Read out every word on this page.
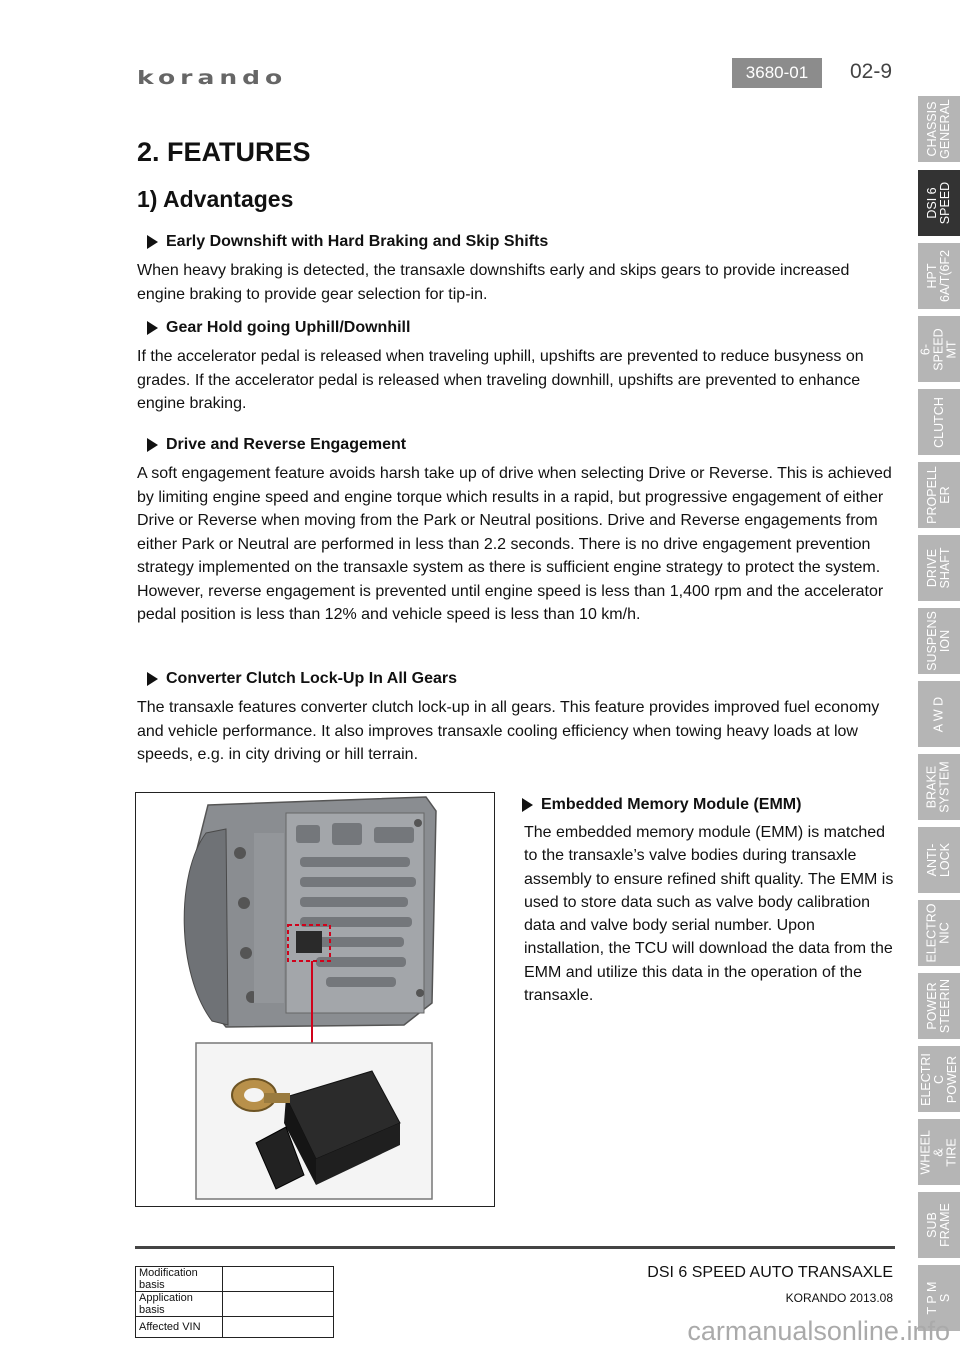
korando	3680-01	02-9
2. FEATURES
1) Advantages
Early Downshift with Hard Braking and Skip Shifts
When heavy braking is detected, the transaxle downshifts early and skips gears to provide increased engine braking to provide gear selection for tip-in.
Gear Hold going Uphill/Downhill
If the accelerator pedal is released when traveling uphill, upshifts are prevented to reduce busyness on grades. If the accelerator pedal is released when traveling downhill, upshifts are prevented to enhance engine braking.
Drive and Reverse Engagement
A soft engagement feature avoids harsh take up of drive when selecting Drive or Reverse. This is achieved by limiting engine speed and engine torque which results in a rapid, but progressive engagement of either Drive or Reverse when moving from the Park or Neutral positions. Drive and Reverse engagements from either Park or Neutral are performed in less than 2.2 seconds. There is no drive engagement prevention strategy implemented on the transaxle system as there is sufficient engine strategy to protect the system. However, reverse engagement is prevented until engine speed is less than 1,400 rpm and the accelerator pedal position is less than 12% and vehicle speed is less than 10 km/h.
Converter Clutch Lock-Up In All Gears
The transaxle features converter clutch lock-up in all gears. This feature provides improved fuel economy and vehicle performance. It also improves transaxle cooling efficiency when towing heavy loads at low speeds, e.g. in city driving or hill terrain.
Embedded Memory Module (EMM)
The embedded memory module (EMM) is matched to the transaxle’s valve bodies during transaxle assembly to ensure refined shift quality. The EMM is used to store data such as valve body calibration data and valve body serial number. Upon installation, the TCU will download the data from the EMM and utilize this data in the operation of the transaxle.
CHASSIS
GENERAL
DSI 6
SPEED
HPT
6A/T(6F2
6-SPEED
MT
CLUTCH
PROPELL
ER
DRIVE
SHAFT
SUSPENS
ION
A W D
BRAKE
SYSTEM
ANTI-
LOCK
ELECTRO
NIC
POWER
STEERIN
ELECTRI
C POWER
WHEEL &
TIRE
SUB
FRAME
T P M S
Modification basis	
Application basis	
Affected VIN	
DSI 6 SPEED AUTO TRANSAXLE
KORANDO 2013.08
carmanualsonline.info
